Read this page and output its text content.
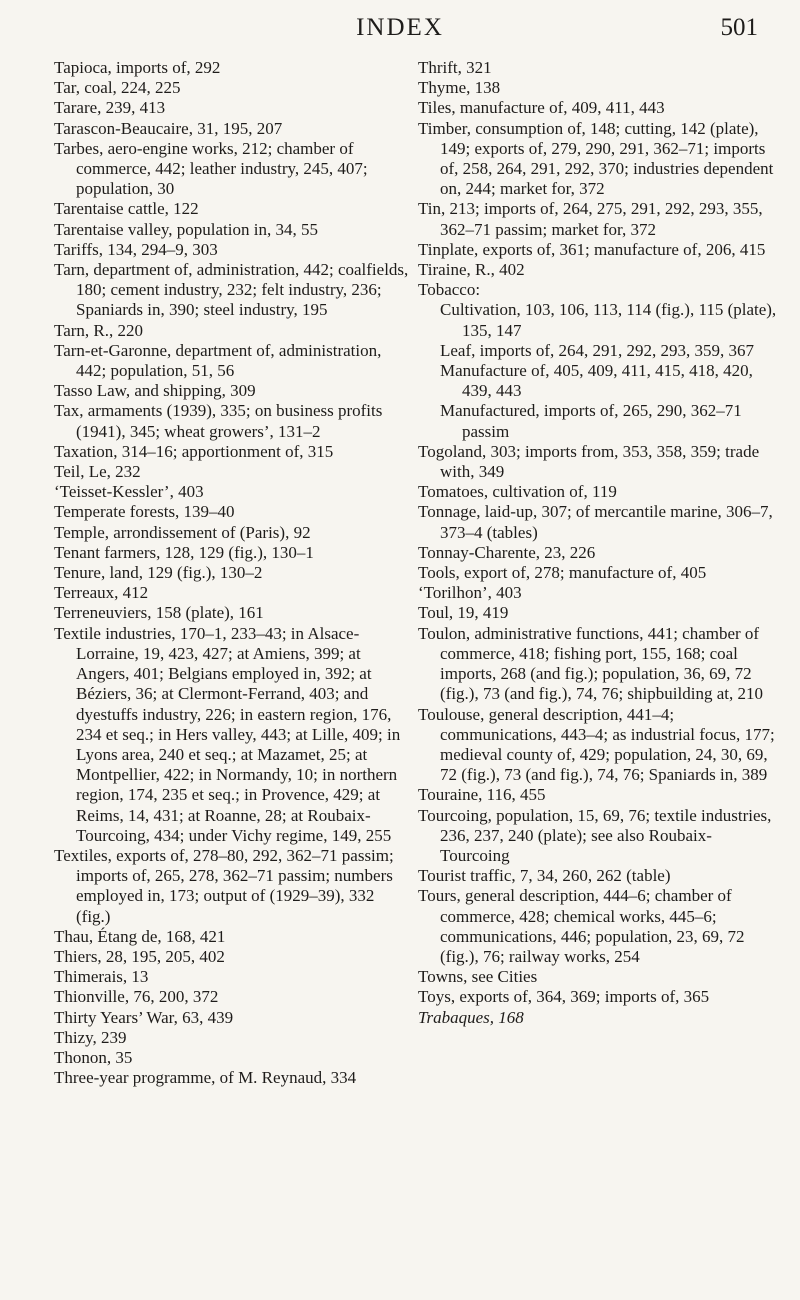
INDEX	501

Tapioca, imports of, 292

Tar, coal, 224, 225

Tarare, 239, 413

Tarascon-Beaucaire, 31, 195, 207

Tarbes, aero-engine works, 212; chamber of commerce, 442; leather industry, 245, 407; population, 30

Tarentaise cattle, 122

Tarentaise valley, population in, 34, 55

Tariffs, 134, 294–9, 303

Tarn, department of, administration, 442; coalfields, 180; cement industry, 232; felt industry, 236; Spaniards in, 390; steel industry, 195

Tarn, R., 220

Tarn-et-Garonne, department of, administration, 442; population, 51, 56

Tasso Law, and shipping, 309

Tax, armaments (1939), 335; on business profits (1941), 345; wheat growers’, 131–2

Taxation, 314–16; apportionment of, 315

Teil, Le, 232

‘Teisset-Kessler’, 403

Temperate forests, 139–40

Temple, arrondissement of (Paris), 92

Tenant farmers, 128, 129 (fig.), 130–1

Tenure, land, 129 (fig.), 130–2

Terreaux, 412

Terreneuviers, 158 (plate), 161

Textile industries, 170–1, 233–43; in Alsace-Lorraine, 19, 423, 427; at Amiens, 399; at Angers, 401; Belgians employed in, 392; at Béziers, 36; at Clermont-Ferrand, 403; and dyestuffs industry, 226; in eastern region, 176, 234 et seq.; in Hers valley, 443; at Lille, 409; in Lyons area, 240 et seq.; at Mazamet, 25; at Montpellier, 422; in Normandy, 10; in northern region, 174, 235 et seq.; in Provence, 429; at Reims, 14, 431; at Roanne, 28; at Roubaix-Tourcoing, 434; under Vichy regime, 149, 255

Textiles, exports of, 278–80, 292, 362–71 passim; imports of, 265, 278, 362–71 passim; numbers employed in, 173; output of (1929–39), 332 (fig.)

Thau, Étang de, 168, 421

Thiers, 28, 195, 205, 402

Thimerais, 13

Thionville, 76, 200, 372

Thirty Years’ War, 63, 439

Thizy, 239

Thonon, 35

Three-year programme, of M. Reynaud, 334

Thrift, 321

Thyme, 138

Tiles, manufacture of, 409, 411, 443

Timber, consumption of, 148; cutting, 142 (plate), 149; exports of, 279, 290, 291, 362–71; imports of, 258, 264, 291, 292, 370; industries dependent on, 244; market for, 372

Tin, 213; imports of, 264, 275, 291, 292, 293, 355, 362–71 passim; market for, 372

Tinplate, exports of, 361; manufacture of, 206, 415

Tiraine, R., 402

Tobacco:

Cultivation, 103, 106, 113, 114 (fig.), 115 (plate), 135, 147

Leaf, imports of, 264, 291, 292, 293, 359, 367

Manufacture of, 405, 409, 411, 415, 418, 420, 439, 443

Manufactured, imports of, 265, 290, 362–71 passim

Togoland, 303; imports from, 353, 358, 359; trade with, 349

Tomatoes, cultivation of, 119

Tonnage, laid-up, 307; of mercantile marine, 306–7, 373–4 (tables)

Tonnay-Charente, 23, 226

Tools, export of, 278; manufacture of, 405

‘Torilhon’, 403

Toul, 19, 419

Toulon, administrative functions, 441; chamber of commerce, 418; fishing port, 155, 168; coal imports, 268 (and fig.); population, 36, 69, 72 (fig.), 73 (and fig.), 74, 76; shipbuilding at, 210

Toulouse, general description, 441–4; communications, 443–4; as industrial focus, 177; medieval county of, 429; population, 24, 30, 69, 72 (fig.), 73 (and fig.), 74, 76; Spaniards in, 389

Touraine, 116, 455

Tourcoing, population, 15, 69, 76; textile industries, 236, 237, 240 (plate); see also Roubaix-Tourcoing

Tourist traffic, 7, 34, 260, 262 (table)

Tours, general description, 444–6; chamber of commerce, 428; chemical works, 445–6; communications, 446; population, 23, 69, 72 (fig.), 76; railway works, 254

Towns, see Cities

Toys, exports of, 364, 369; imports of, 365

Trabaques, 168
